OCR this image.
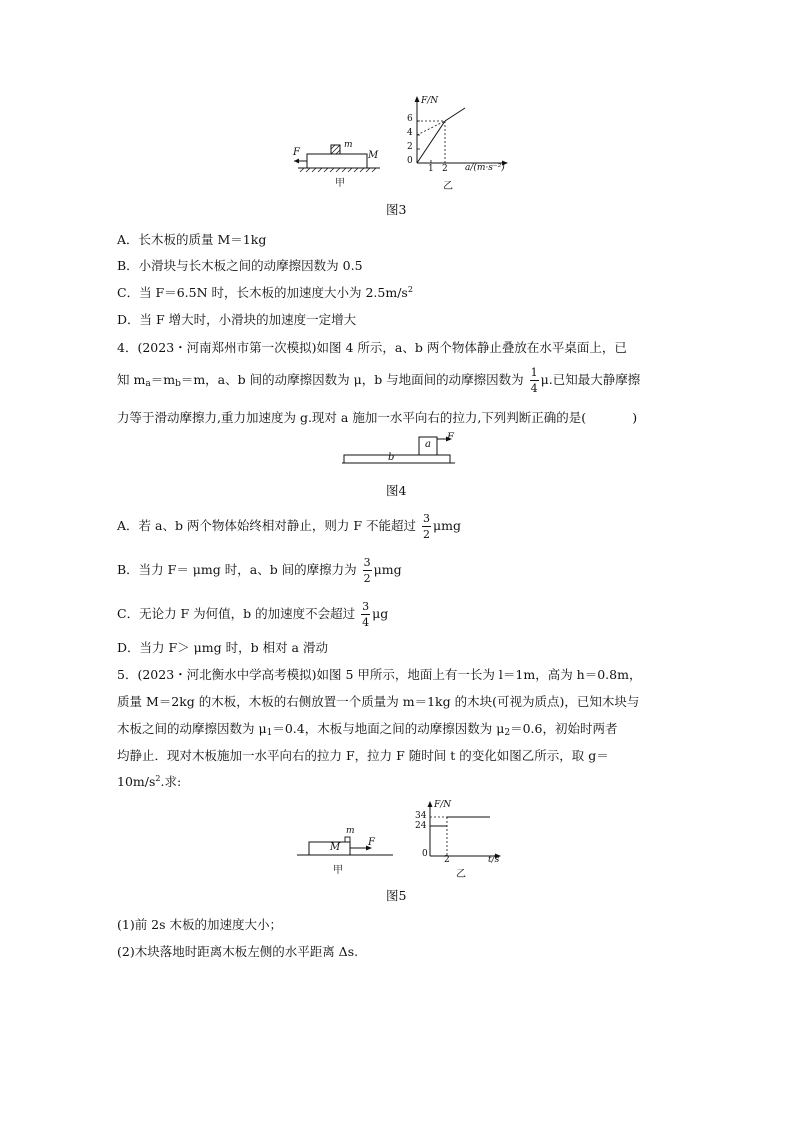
F
m
M
甲
F/N
6
4
2
0
1 2 a/(m·s⁻²)
乙
图3
A．长木板的质量 M＝1kg
B．小滑块与长木板之间的动摩擦因数为 0.5
C．当 F＝6.5N 时，长木板的加速度大小为 $2.5m/s^2$
D．当 F 增大时，小滑块的加速度一定增大
4．(2023・河南郑州市第一次模拟)如图 4 所示，a、b 两个物体静止叠放在水平桌面上，已
知 $m_a=m_b=m$，a、b 间的动摩擦因数为 μ，b 与地面间的动摩擦因数为 $\frac{1}{4} \mu$.已知最大静摩擦
力等于滑动摩擦力,重力加速度为 g.现对 a 施加一水平向右的拉力,下列判断正确的是(	)
a
b
F
图4
A．若 a、b 两个物体始终相对静止，则力 F 不能超过 $\frac{3}{2}$ μmg
B．当力 F＝ μmg 时，a、b 间的摩擦力为 $\frac{3}{2}$ μmg
C．无论力 F 为何值，b 的加速度不会超过 $\frac{3}{4}$ μg
D．当力 F＞ μmg 时，b 相对 a 滑动
5．(2023・河北衡水中学高考模拟)如图 5 甲所示，地面上有一长为 l＝1m，高为 h＝0.8m，
质量 M＝2kg 的木板，木板的右侧放置一个质量为 m＝1kg 的木块(可视为质点)，已知木块与
木板之间的动摩擦因数为 $\mu_1=0.4$，木板与地面之间的动摩擦因数为 $\mu_2=0.6$，初始时两者
均静止．现对木板施加一水平向右的拉力 F，拉力 F 随时间 t 的变化如图乙所示，取 g＝
$10m/s^2$.求:
M
m
F
甲
F/N
34
24
0
2	t/s
乙
图5
(1)前 2s 木板的加速度大小；
(2)木块落地时距离木板左侧的水平距离 Δs.
